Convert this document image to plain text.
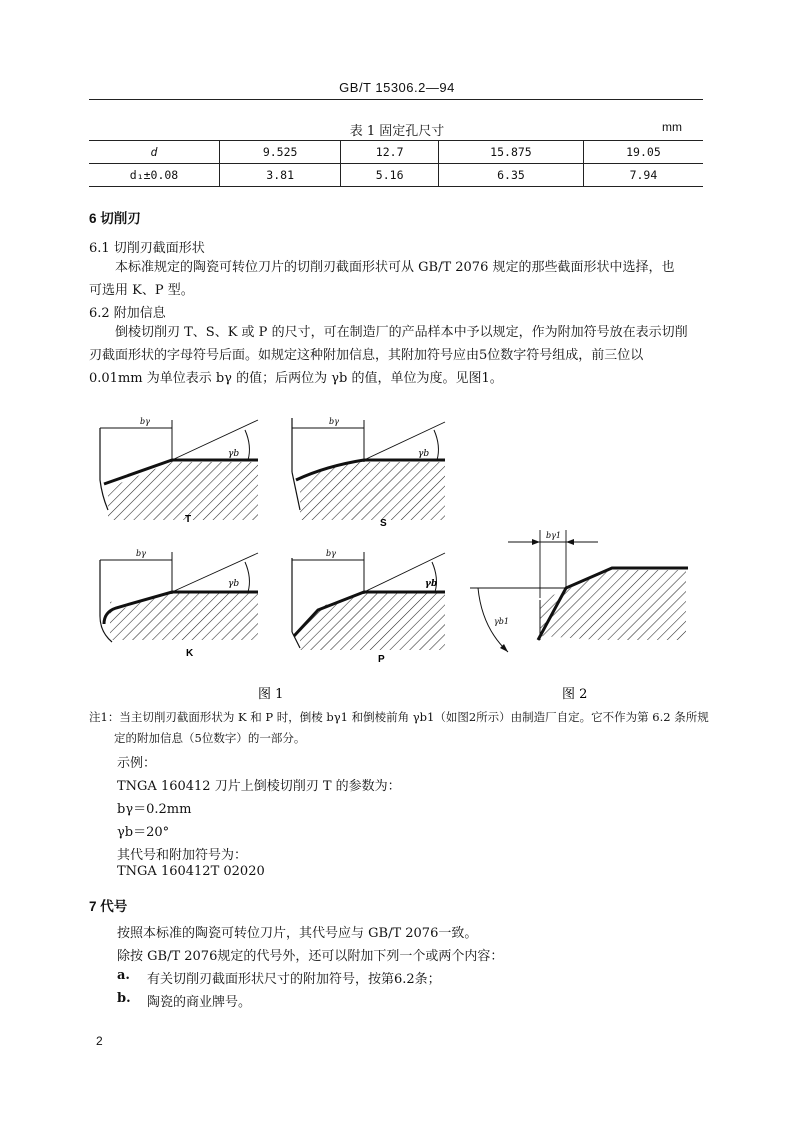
GB/T 15306.2—94
表 1 固定孔尺寸	mm
d	9.525	12.7	15.875	19.05
d₁±0.08	3.81	5.16	6.35	7.94
6 切削刃
6.1 切削刃截面形状
本标准规定的陶瓷可转位刀片的切削刃截面形状可从 GB/T 2076 规定的那些截面形状中选择，也
可选用 K、P 型。
6.2 附加信息
倒棱切削刃 T、S、K 或 P 的尺寸，可在制造厂的产品样本中予以规定，作为附加符号放在表示切削
刃截面形状的字母符号后面。如规定这种附加信息，其附加符号应由5位数字符号组成，前三位以
0.01mm 为单位表示 bγ 的值；后两位为 γb 的值，单位为度。见图1。
bγ
γb
T
bγ
γb
S
bγ
γb
K
bγ
γb
P
bγ1
γb1
图 1	图 2
注1：当主切削刃截面形状为 K 和 P 时，倒棱 bγ1 和倒棱前角 γb1（如图2所示）由制造厂自定。它不作为第 6.2 条所规
定的附加信息（5位数字）的一部分。
示例：
TNGA 160412 刀片上倒棱切削刃 T 的参数为：
bγ＝0.2mm
γb＝20°
其代号和附加符号为：
TNGA 160412T 02020
7 代号
按照本标准的陶瓷可转位刀片，其代号应与 GB/T 2076一致。
除按 GB/T 2076规定的代号外，还可以附加下列一个或两个内容：
a. 有关切削刃截面形状尺寸的附加符号，按第6.2条；
b. 陶瓷的商业牌号。
2
